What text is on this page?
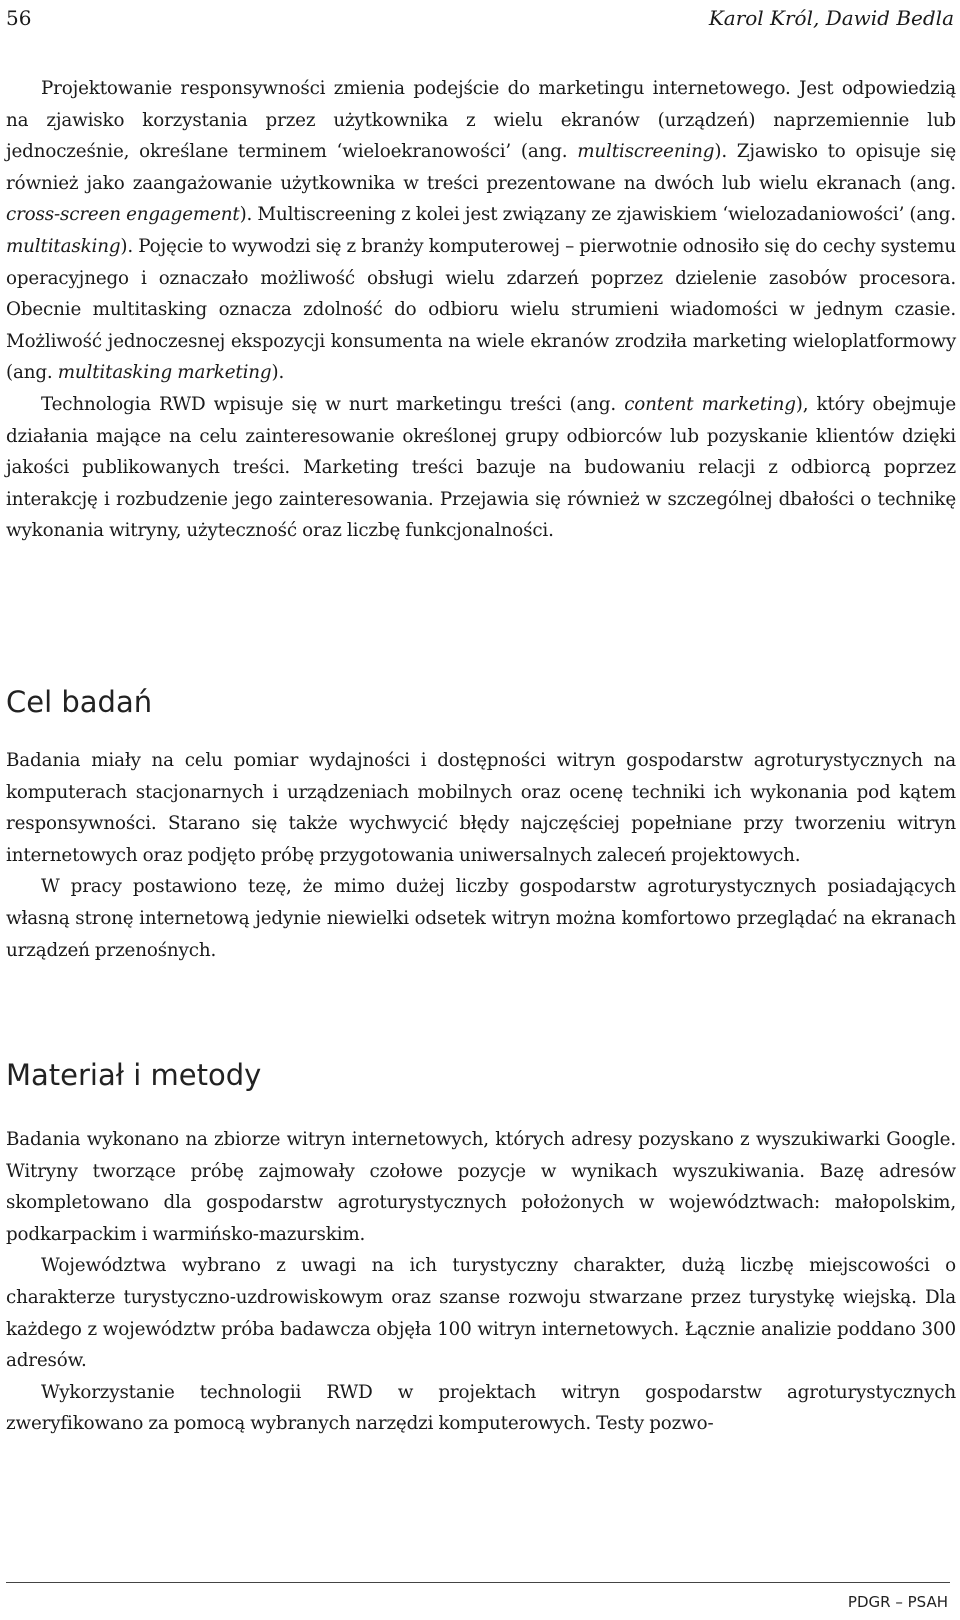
56	Karol Król, Dawid Bedla

Projektowanie responsywności zmienia podejście do marketingu internetowego. Jest odpowiedzią na zjawisko korzystania przez użytkownika z wielu ekranów (urządzeń) naprzemiennie lub jednocześnie, określane terminem ‘wieloekranowości’ (ang. multiscreening). Zjawisko to opisuje się również jako zaangażowanie użytkownika w treści prezentowane na dwóch lub wielu ekranach (ang. cross-screen engagement). Multiscreening z kolei jest związany ze zjawiskiem ‘wielozadaniowości’ (ang. multitasking). Pojęcie to wywodzi się z branży komputerowej – pierwotnie odnosiło się do cechy systemu operacyjnego i oznaczało możliwość obsługi wielu zdarzeń poprzez dzielenie zasobów procesora. Obecnie multitasking oznacza zdolność do odbioru wielu strumieni wiadomości w jednym czasie. Możliwość jednoczesnej ekspozycji konsumenta na wiele ekranów zrodziła marketing wieloplatformowy (ang. multitasking marketing).

Technologia RWD wpisuje się w nurt marketingu treści (ang. content marketing), który obejmuje działania mające na celu zainteresowanie określonej grupy odbiorców lub pozyskanie klientów dzięki jakości publikowanych treści. Marketing treści bazuje na budowaniu relacji z odbiorcą poprzez interakcję i rozbudzenie jego zainteresowania. Przejawia się również w szczególnej dbałości o technikę wykonania witryny, użyteczność oraz liczbę funkcjonalności.

Cel badań

Badania miały na celu pomiar wydajności i dostępności witryn gospodarstw agroturystycznych na komputerach stacjonarnych i urządzeniach mobilnych oraz ocenę techniki ich wykonania pod kątem responsywności. Starano się także wychwycić błędy najczęściej popełniane przy tworzeniu witryn internetowych oraz podjęto próbę przygotowania uniwersalnych zaleceń projektowych.

W pracy postawiono tezę, że mimo dużej liczby gospodarstw agroturystycznych posiadających własną stronę internetową jedynie niewielki odsetek witryn można komfortowo przeglądać na ekranach urządzeń przenośnych.

Materiał i metody

Badania wykonano na zbiorze witryn internetowych, których adresy pozyskano z wyszukiwarki Google. Witryny tworzące próbę zajmowały czołowe pozycje w wynikach wyszukiwania. Bazę adresów skompletowano dla gospodarstw agroturystycznych położonych w województwach: małopolskim, podkarpackim i warmińsko-mazurskim.

Województwa wybrano z uwagi na ich turystyczny charakter, dużą liczbę miejscowości o charakterze turystyczno-uzdrowiskowym oraz szanse rozwoju stwarzane przez turystykę wiejską. Dla każdego z województw próba badawcza objęła 100 witryn internetowych. Łącznie analizie poddano 300 adresów.

Wykorzystanie technologii RWD w projektach witryn gospodarstw agroturystycznych zweryfikowano za pomocą wybranych narzędzi komputerowych. Testy pozwo-

PDGR – PSAH
